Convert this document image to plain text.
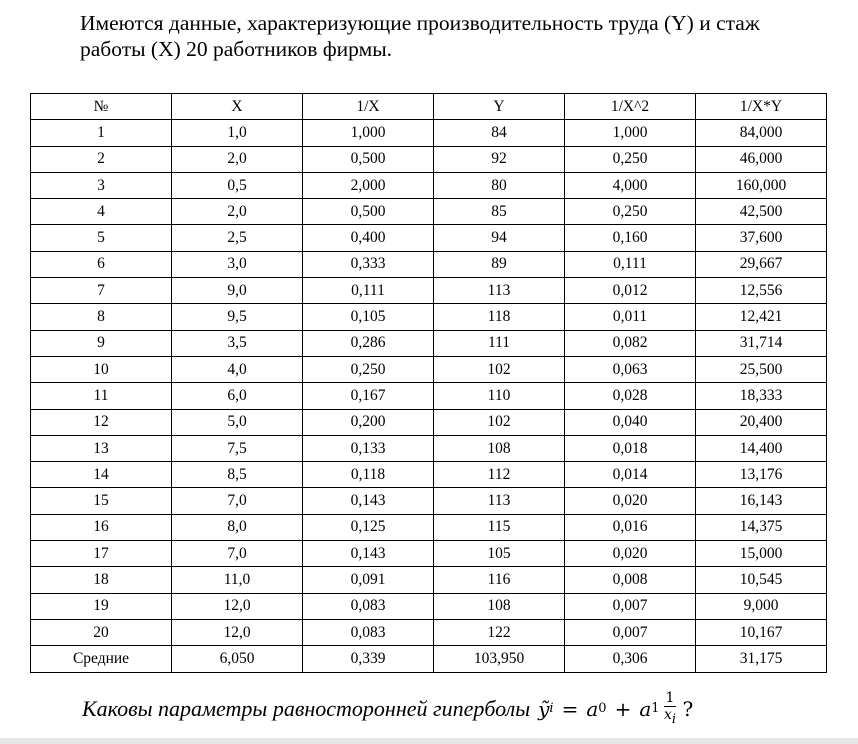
Имеются данные, характеризующие производительность труда (Y) и стаж
работы (X) 20 работников фирмы.
№	X	1/X	Y	1/X^2	1/X*Y
1	1,0	1,000	84	1,000	84,000
2	2,0	0,500	92	0,250	46,000
3	0,5	2,000	80	4,000	160,000
4	2,0	0,500	85	0,250	42,500
5	2,5	0,400	94	0,160	37,600
6	3,0	0,333	89	0,111	29,667
7	9,0	0,111	113	0,012	12,556
8	9,5	0,105	118	0,011	12,421
9	3,5	0,286	111	0,082	31,714
10	4,0	0,250	102	0,063	25,500
11	6,0	0,167	110	0,028	18,333
12	5,0	0,200	102	0,040	20,400
13	7,5	0,133	108	0,018	14,400
14	8,5	0,118	112	0,014	13,176
15	7,0	0,143	113	0,020	16,143
16	8,0	0,125	115	0,016	14,375
17	7,0	0,143	105	0,020	15,000
18	11,0	0,091	116	0,008	10,545
19	12,0	0,083	108	0,007	9,000
20	12,0	0,083	122	0,007	10,167
Средние	6,050	0,339	103,950	0,306	31,175
Каковы параметры равносторонней гиперболы ỹ i = a 0 + a $1 \frac{1}{x_i}$ ?
